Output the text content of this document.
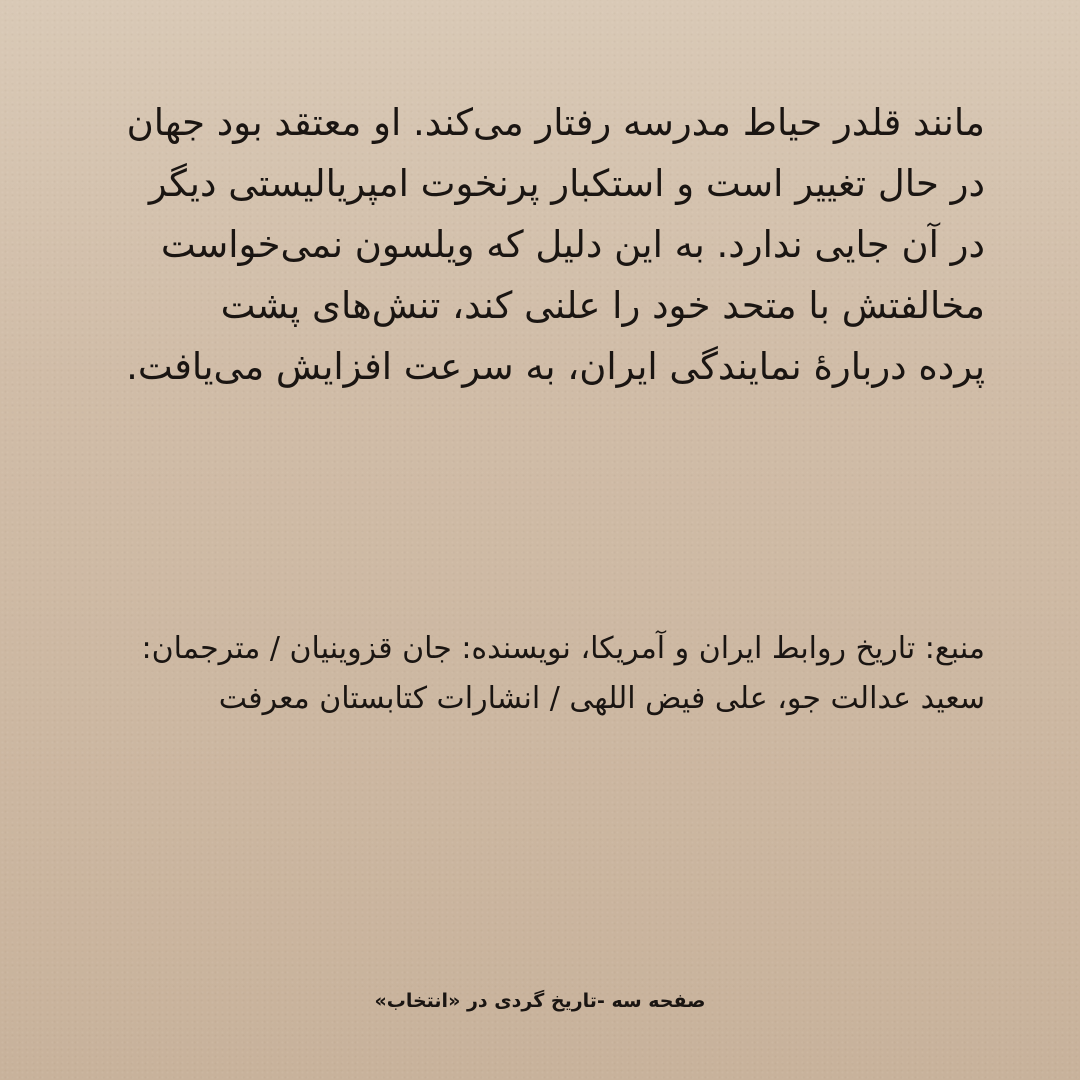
مانند قلدر حیاط مدرسه رفتار می‌کند. او معتقد بود جهان

در حال تغییر است و استکبار پرنخوت امپریالیستی دیگر

در آن جایی ندارد. به این دلیل که ویلسون نمی‌خواست

مخالفتش با متحد خود را علنی کند، تنش‌های پشت

پرده دربارهٔ نمایندگی ایران، به سرعت افزایش می‌یافت.

منبع: تاریخ روابط ایران و آمریکا، نویسنده: جان قزوینیان / مترجمان:

سعید عدالت جو، علی فیض اللهی / انشارات کتابستان معرفت

صفحه سه -تاریخ گردی در «انتخاب»
